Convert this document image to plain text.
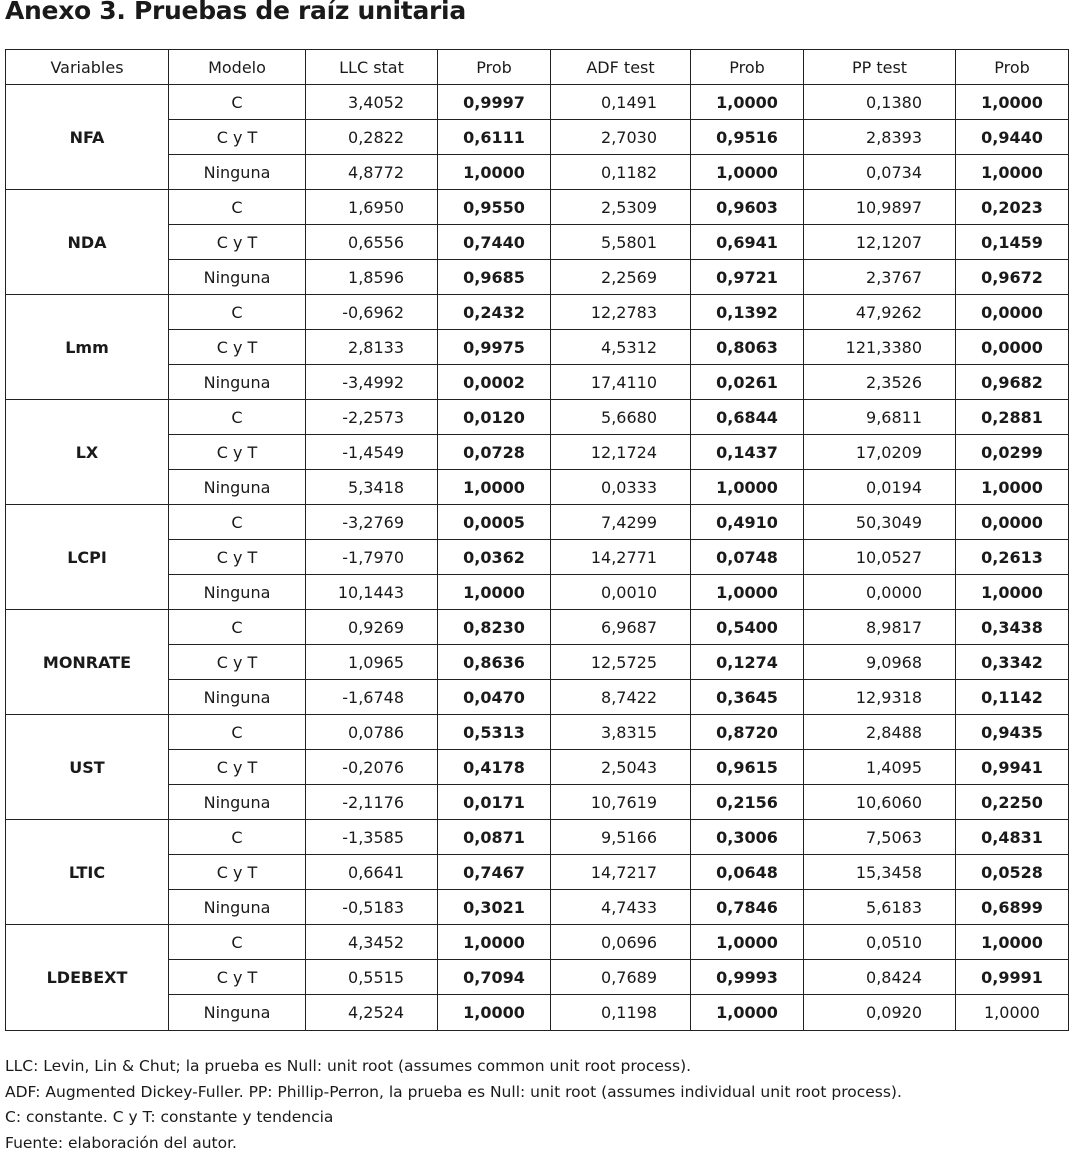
Anexo 3. Pruebas de raíz unitaria
Variables	Modelo	LLC stat	Prob	ADF test	Prob	PP test	Prob
NFA	C	3,4052	0,9997	0,1491	1,0000	0,1380	1,0000
	C y T	0,2822	0,6111	2,7030	0,9516	2,8393	0,9440
	Ninguna	4,8772	1,0000	0,1182	1,0000	0,0734	1,0000
NDA	C	1,6950	0,9550	2,5309	0,9603	10,9897	0,2023
	C y T	0,6556	0,7440	5,5801	0,6941	12,1207	0,1459
	Ninguna	1,8596	0,9685	2,2569	0,9721	2,3767	0,9672
Lmm	C	-0,6962	0,2432	12,2783	0,1392	47,9262	0,0000
	C y T	2,8133	0,9975	4,5312	0,8063	121,3380	0,0000
	Ninguna	-3,4992	0,0002	17,4110	0,0261	2,3526	0,9682
LX	C	-2,2573	0,0120	5,6680	0,6844	9,6811	0,2881
	C y T	-1,4549	0,0728	12,1724	0,1437	17,0209	0,0299
	Ninguna	5,3418	1,0000	0,0333	1,0000	0,0194	1,0000
LCPI	C	-3,2769	0,0005	7,4299	0,4910	50,3049	0,0000
	C y T	-1,7970	0,0362	14,2771	0,0748	10,0527	0,2613
	Ninguna	10,1443	1,0000	0,0010	1,0000	0,0000	1,0000
MONRATE	C	0,9269	0,8230	6,9687	0,5400	8,9817	0,3438
	C y T	1,0965	0,8636	12,5725	0,1274	9,0968	0,3342
	Ninguna	-1,6748	0,0470	8,7422	0,3645	12,9318	0,1142
UST	C	0,0786	0,5313	3,8315	0,8720	2,8488	0,9435
	C y T	-0,2076	0,4178	2,5043	0,9615	1,4095	0,9941
	Ninguna	-2,1176	0,0171	10,7619	0,2156	10,6060	0,2250
LTIC	C	-1,3585	0,0871	9,5166	0,3006	7,5063	0,4831
	C y T	0,6641	0,7467	14,7217	0,0648	15,3458	0,0528
	Ninguna	-0,5183	0,3021	4,7433	0,7846	5,6183	0,6899
LDEBEXT	C	4,3452	1,0000	0,0696	1,0000	0,0510	1,0000
	C y T	0,5515	0,7094	0,7689	0,9993	0,8424	0,9991
	Ninguna	4,2524	1,0000	0,1198	1,0000	0,0920	1,0000
LLC: Levin, Lin & Chut; la prueba es Null: unit root (assumes common unit root process).
ADF: Augmented Dickey-Fuller. PP: Phillip-Perron, la prueba es Null: unit root (assumes individual unit root process).
C: constante. C y T: constante y tendencia
Fuente: elaboración del autor.
